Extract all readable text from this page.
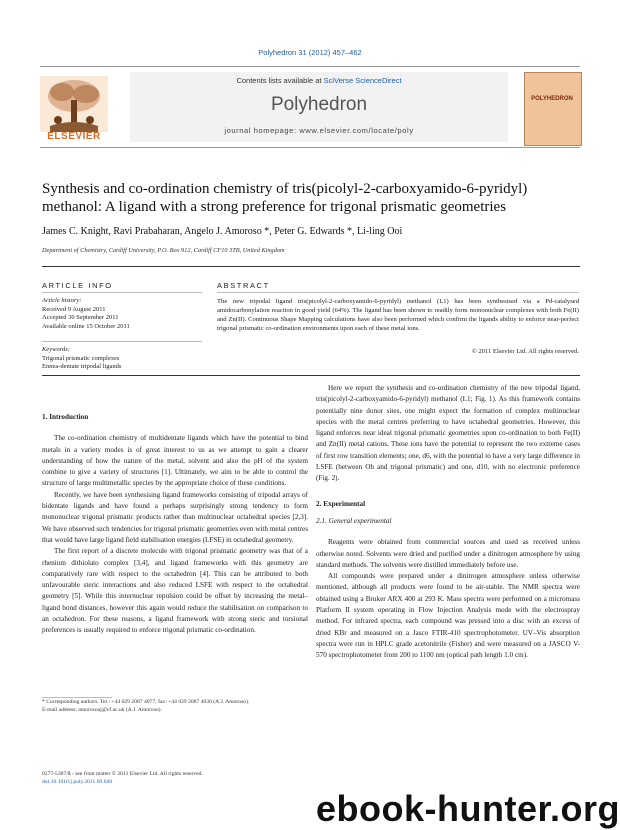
Polyhedron 31 (2012) 457–462
ELSEVIER
Contents lists available at SciVerse ScienceDirect
Polyhedron
journal homepage: www.elsevier.com/locate/poly
POLYHEDRON
Synthesis and co-ordination chemistry of tris(picolyl-2-carboxyamido-6-pyridyl) methanol: A ligand with a strong preference for trigonal prismatic geometries
James C. Knight, Ravi Prabaharan, Angelo J. Amoroso *, Peter G. Edwards *, Li-ling Ooi
Department of Chemistry, Cardiff University, P.O. Box 912, Cardiff CF10 3TB, United Kingdom
ARTICLE INFO
Article history:
Received 9 August 2011
Accepted 30 September 2011
Available online 15 October 2011
Keywords:
Trigonal prismatic complexes
Ennea-dentate tripodal ligands
ABSTRACT
The new tripodal ligand tris(picolyl-2-carboxyamido-6-pyridyl) methanol (L1) has been synthesised via a Pd-catalysed amidocarbonylation reaction in good yield (64%). The ligand has been shown to readily form mononuclear complexes with both Fe(II) and Zn(II). Continuous Shape Mapping calculations have also been performed which confirm the ligands ability to enforce near-perfect trigonal prismatic co-ordination environments upon each of these metal ions.
© 2011 Elsevier Ltd. All rights reserved.
1. Introduction

The co-ordination chemistry of multidentate ligands which have the potential to bind metals in a variety modes is of great interest to us as we attempt to gain a clearer understanding of how the nature of the metal, solvent and also the pH of the system combine to give a variety of structures [1]. Ultimately, we aim to be able to control the structure of large multimetallic species by the appropriate choice of these conditions.

Recently, we have been synthesising ligand frameworks consisting of tripodal arrays of bidentate ligands and have found a perhaps surprisingly strong tendency to form mononuclear trigonal prismatic products rather than multinuclear octahedral species [2,3]. We have observed such tendencies for trigonal prismatic geometries even with metal centres that would have large ligand field stabilisation energies (LFSE) in octahedral geometry.

The first report of a discrete molecule with trigonal prismatic geometry was that of a rhenium dithiolato complex [3,4], and ligand frameworks with this geometry are comparatively rare with respect to the octahedron [4]. This can be attributed to both unfavourable steric interactions and also reduced LSFE with respect to the octahedral geometry [5]. While this internuclear repulsion could be offset by increasing the metal–ligand bond distances, however this again would reduce the stabilisation on comparison to an octahedron. For these reasons, a ligand framework with strong steric and torsional preferences is usually required to enforce trigonal prismatic co-ordination.

* Corresponding authors. Tel.: +44 029 2087 4077; fax: +44 029 2087 4030 (A.J. Amoroso).
E-mail address: amorosoaj@cf.ac.uk (A.J. Amoroso).
0277-5387/$ - see front matter © 2011 Elsevier Ltd. All rights reserved.
doi:10.1016/j.poly.2011.09.040

Here we report the synthesis and co-ordination chemistry of the new tripodal ligand, tris(picolyl-2-carboxyamido-6-pyridyl) methanol (L1; Fig. 1). As this framework contains potentially nine donor sites, one might expect the formation of complex multinuclear species with the metal centres preferring to have octahedral geometries. However, this ligand enforces near ideal trigonal prismatic geometries upon co-ordination to both Fe(II) and Zn(II) metal cations. These ions have the potential to represent the two extreme cases of first row transition elements; one, d6, with the potential to have a very large difference in LSFE (between Oh and trigonal prismatic) and one, d10, with no electronic preference (Fig. 2).

2. Experimental
2.1. General experimental

Reagents were obtained from commercial sources and used as received unless otherwise noted. Solvents were dried and purified under a dinitrogen atmosphere by using standard methods. The solvents were distilled immediately before use.

All compounds were prepared under a dinitrogen atmosphere unless otherwise mentioned, although all products were found to be air-stable. The NMR spectra were obtained using a Bruker ARX 400 at 293 K. Mass spectra were performed on a micromass Platform II system operating in Flow Injection Analysis mode with the electrospray method. For infrared spectra, each compound was pressed into a disc with an excess of dried KBr and measured on a Jasco FTIR-410 spectrophotometer. UV–Vis absorption spectra were run in HPLC grade acetonitrile (Fisher) and were measured on a JASCO V-570 spectrophotometer from 200 to 1100 nm (optical path length 1.0 cm).

ebook-hunter.org
